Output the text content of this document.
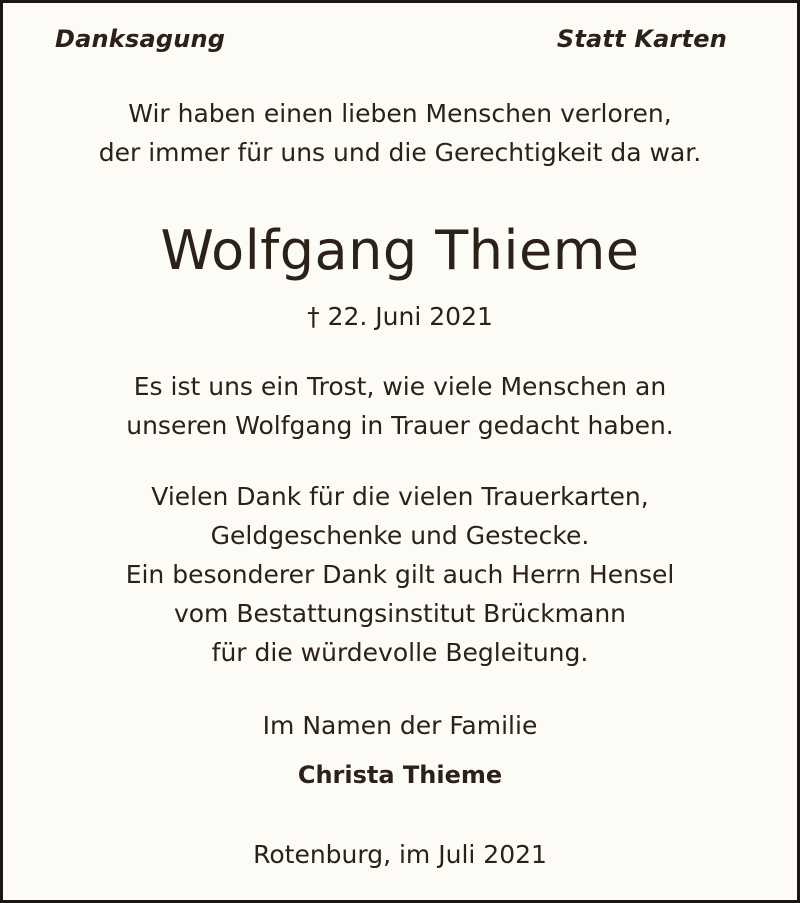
Danksagung	Statt Karten
Wir haben einen lieben Menschen verloren,
der immer für uns und die Gerechtigkeit da war.
Wolfgang Thieme
† 22. Juni 2021
Es ist uns ein Trost, wie viele Menschen an
unseren Wolfgang in Trauer gedacht haben.
Vielen Dank für die vielen Trauerkarten,
Geldgeschenke und Gestecke.
Ein besonderer Dank gilt auch Herrn Hensel
vom Bestattungsinstitut Brückmann
für die würdevolle Begleitung.
Im Namen der Familie
Christa Thieme
Rotenburg, im Juli 2021
